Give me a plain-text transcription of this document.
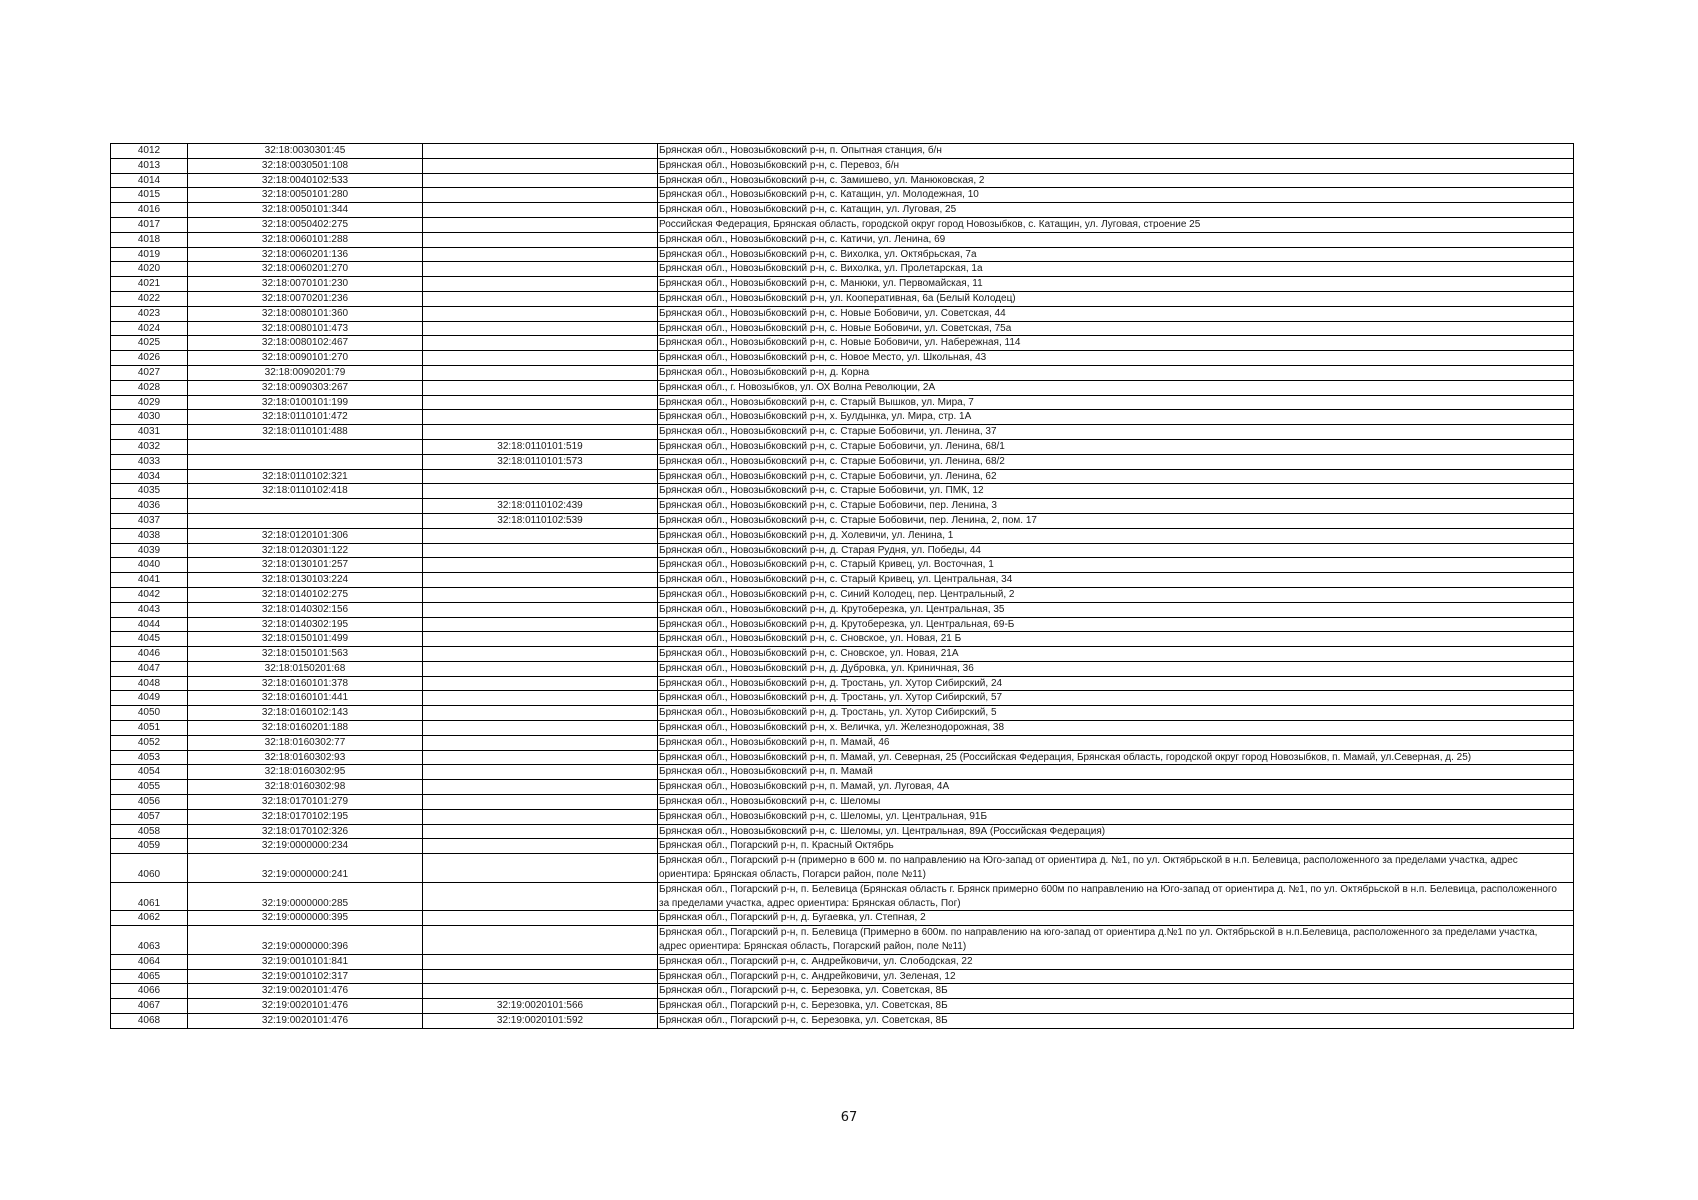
4012	32:18:0030301:45		Брянская обл., Новозыбковский р-н, п. Опытная станция, б/н
4013	32:18:0030501:108		Брянская обл., Новозыбковский р-н, с. Перевоз, б/н
4014	32:18:0040102:533		Брянская обл., Новозыбковский р-н, с. Замишево, ул. Манюковская, 2
4015	32:18:0050101:280		Брянская обл., Новозыбковский р-н, с. Катащин, ул. Молодежная, 10
4016	32:18:0050101:344		Брянская обл., Новозыбковский р-н, с. Катащин, ул. Луговая, 25
4017	32:18:0050402:275		Российская Федерация, Брянская область, городской округ город Новозыбков, с. Катащин, ул. Луговая, строение 25
4018	32:18:0060101:288		Брянская обл., Новозыбковский р-н, с. Катичи, ул. Ленина, 69
4019	32:18:0060201:136		Брянская обл., Новозыбковский р-н, с. Вихолка, ул. Октябрьская, 7а
4020	32:18:0060201:270		Брянская обл., Новозыбковский р-н, с. Вихолка, ул. Пролетарская, 1а
4021	32:18:0070101:230		Брянская обл., Новозыбковский р-н, с. Манюки, ул. Первомайская, 11
4022	32:18:0070201:236		Брянская обл., Новозыбковский р-н, ул. Кооперативная, 6а (Белый Колодец)
4023	32:18:0080101:360		Брянская обл., Новозыбковский р-н, с. Новые Бобовичи, ул. Советская, 44
4024	32:18:0080101:473		Брянская обл., Новозыбковский р-н, с. Новые Бобовичи, ул. Советская, 75а
4025	32:18:0080102:467		Брянская обл., Новозыбковский р-н, с. Новые Бобовичи, ул. Набережная, 114
4026	32:18:0090101:270		Брянская обл., Новозыбковский р-н, с. Новое Место, ул. Школьная, 43
4027	32:18:0090201:79		Брянская обл., Новозыбковский р-н, д. Корна
4028	32:18:0090303:267		Брянская обл., г. Новозыбков, ул. ОХ Волна Революции, 2А
4029	32:18:0100101:199		Брянская обл., Новозыбковский р-н, с. Старый Вышков, ул. Мира, 7
4030	32:18:0110101:472		Брянская обл., Новозыбковский р-н, х. Булдынка, ул. Мира, стр. 1А
4031	32:18:0110101:488		Брянская обл., Новозыбковский р-н, с. Старые Бобовичи, ул. Ленина, 37
4032		32:18:0110101:519	Брянская обл., Новозыбковский р-н, с. Старые Бобовичи, ул. Ленина, 68/1
4033		32:18:0110101:573	Брянская обл., Новозыбковский р-н, с. Старые Бобовичи, ул. Ленина, 68/2
4034	32:18:0110102:321		Брянская обл., Новозыбковский р-н, с. Старые Бобовичи, ул. Ленина, 62
4035	32:18:0110102:418		Брянская обл., Новозыбковский р-н, с. Старые Бобовичи, ул. ПМК, 12
4036		32:18:0110102:439	Брянская обл., Новозыбковский р-н, с. Старые Бобовичи, пер. Ленина, 3
4037		32:18:0110102:539	Брянская обл., Новозыбковский р-н, с. Старые Бобовичи, пер. Ленина, 2, пом. 17
4038	32:18:0120101:306		Брянская обл., Новозыбковский р-н, д. Холевичи, ул. Ленина, 1
4039	32:18:0120301:122		Брянская обл., Новозыбковский р-н, д. Старая Рудня, ул. Победы, 44
4040	32:18:0130101:257		Брянская обл., Новозыбковский р-н, с. Старый Кривец, ул. Восточная, 1
4041	32:18:0130103:224		Брянская обл., Новозыбковский р-н, с. Старый Кривец, ул. Центральная, 34
4042	32:18:0140102:275		Брянская обл., Новозыбковский р-н, с. Синий Колодец, пер. Центральный, 2
4043	32:18:0140302:156		Брянская обл., Новозыбковский р-н, д. Крутоберезка, ул. Центральная, 35
4044	32:18:0140302:195		Брянская обл., Новозыбковский р-н, д. Крутоберезка, ул. Центральная, 69-Б
4045	32:18:0150101:499		Брянская обл., Новозыбковский р-н, с. Сновское, ул. Новая, 21 Б
4046	32:18:0150101:563		Брянская обл., Новозыбковский р-н, с. Сновское, ул. Новая, 21А
4047	32:18:0150201:68		Брянская обл., Новозыбковский р-н, д. Дубровка, ул. Криничная, 36
4048	32:18:0160101:378		Брянская обл., Новозыбковский р-н, д. Тростань, ул. Хутор Сибирский, 24
4049	32:18:0160101:441		Брянская обл., Новозыбковский р-н, д. Тростань, ул. Хутор Сибирский, 57
4050	32:18:0160102:143		Брянская обл., Новозыбковский р-н, д. Тростань, ул. Хутор Сибирский, 5
4051	32:18:0160201:188		Брянская обл., Новозыбковский р-н, х. Величка, ул. Железнодорожная, 38
4052	32:18:0160302:77		Брянская обл., Новозыбковский р-н, п. Мамай, 46
4053	32:18:0160302:93		Брянская обл., Новозыбковский р-н, п. Мамай, ул. Северная, 25 (Российская Федерация, Брянская область, городской округ город Новозыбков, п. Мамай, ул.Северная, д. 25)
4054	32:18:0160302:95		Брянская обл., Новозыбковский р-н, п. Мамай
4055	32:18:0160302:98		Брянская обл., Новозыбковский р-н, п. Мамай, ул. Луговая, 4А
4056	32:18:0170101:279		Брянская обл., Новозыбковский р-н, с. Шеломы
4057	32:18:0170102:195		Брянская обл., Новозыбковский р-н, с. Шеломы, ул. Центральная, 91Б
4058	32:18:0170102:326		Брянская обл., Новозыбковский р-н, с. Шеломы, ул. Центральная, 89А (Российская Федерация)
4059	32:19:0000000:234		Брянская обл., Погарский р-н, п. Красный Октябрь
4060	32:19:0000000:241		Брянская обл., Погарский р-н (примерно в 600 м. по направлению на Юго-запад от ориентира д. №1, по ул. Октябрьской в н.п. Белевица, расположенного за пределами участка, адрес ориентира: Брянская область, Погарси район, поле №11)
4061	32:19:0000000:285		Брянская обл., Погарский р-н, п. Белевица (Брянская область г. Брянск примерно 600м по направлению на Юго-запад от ориентира д. №1, по ул. Октябрьской в н.п. Белевица, расположенного за пределами участка, адрес ориентира: Брянская область, Пог)
4062	32:19:0000000:395		Брянская обл., Погарский р-н, д. Бугаевка, ул. Степная, 2
4063	32:19:0000000:396		Брянская обл., Погарский р-н, п. Белевица (Примерно в 600м. по направлению на юго-запад от ориентира д.№1 по ул. Октябрьской в н.п.Белевица, расположенного за пределами участка, адрес ориентира: Брянская область, Погарский район, поле №11)
4064	32:19:0010101:841		Брянская обл., Погарский р-н, с. Андрейковичи, ул. Слободская, 22
4065	32:19:0010102:317		Брянская обл., Погарский р-н, с. Андрейковичи, ул. Зеленая, 12
4066	32:19:0020101:476		Брянская обл., Погарский р-н, с. Березовка, ул. Советская, 8Б
4067	32:19:0020101:476	32:19:0020101:566	Брянская обл., Погарский р-н, с. Березовка, ул. Советская, 8Б
4068	32:19:0020101:476	32:19:0020101:592	Брянская обл., Погарский р-н, с. Березовка, ул. Советская, 8Б
67
